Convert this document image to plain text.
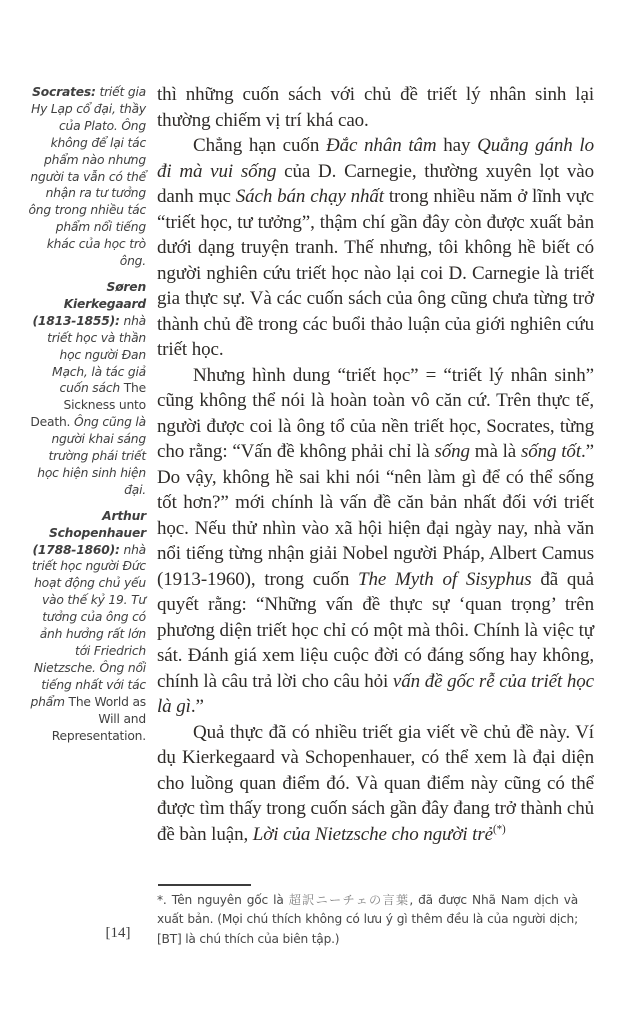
Socrates: triết gia Hy Lạp cổ đại, thầy của Plato. Ông không để lại tác phẩm nào nhưng người ta vẫn có thể nhận ra tư tưởng ông trong nhiều tác phẩm nổi tiếng khác của học trò ông.
Søren Kierkegaard (1813-1855): nhà triết học và thần học người Đan Mạch, là tác giả cuốn sách The Sickness unto Death. Ông cũng là người khai sáng trường phái triết học hiện sinh hiện đại.
Arthur Schopenhauer (1788-1860): nhà triết học người Đức hoạt động chủ yếu vào thế kỷ 19. Tư tưởng của ông có ảnh hưởng rất lớn tới Friedrich Nietzsche. Ông nổi tiếng nhất với tác phẩm The World as Will and Representation.

thì những cuốn sách với chủ đề triết lý nhân sinh lại thường chiếm vị trí khá cao.

Chẳng hạn cuốn Đắc nhân tâm hay Quẳng gánh lo đi mà vui sống của D. Carnegie, thường xuyên lọt vào danh mục Sách bán chạy nhất trong nhiều năm ở lĩnh vực “triết học, tư tưởng”, thậm chí gần đây còn được xuất bản dưới dạng truyện tranh. Thế nhưng, tôi không hề biết có người nghiên cứu triết học nào lại coi D. Carnegie là triết gia thực sự. Và các cuốn sách của ông cũng chưa từng trở thành chủ đề trong các buổi thảo luận của giới nghiên cứu triết học.

Nhưng hình dung “triết học” = “triết lý nhân sinh” cũng không thể nói là hoàn toàn vô căn cứ. Trên thực tế, người được coi là ông tổ của nền triết học, Socrates, từng cho rằng: “Vấn đề không phải chỉ là sống mà là sống tốt.” Do vậy, không hề sai khi nói “nên làm gì để có thể sống tốt hơn?” mới chính là vấn đề căn bản nhất đối với triết học. Nếu thử nhìn vào xã hội hiện đại ngày nay, nhà văn nổi tiếng từng nhận giải Nobel người Pháp, Albert Camus (1913-1960), trong cuốn The Myth of Sisyphus đã quả quyết rằng: “Những vấn đề thực sự ‘quan trọng’ trên phương diện triết học chỉ có một mà thôi. Chính là việc tự sát. Đánh giá xem liệu cuộc đời có đáng sống hay không, chính là câu trả lời cho câu hỏi vấn đề gốc rễ của triết học là gì.”

Quả thực đã có nhiều triết gia viết về chủ đề này. Ví dụ Kierkegaard và Schopenhauer, có thể xem là đại diện cho luồng quan điểm đó. Và quan điểm này cũng có thể được tìm thấy trong cuốn sách gần đây đang trở thành chủ đề bàn luận, Lời của Nietzsche cho người trẻ(*)

*. Tên nguyên gốc là 超訳ニーチェの言葉, đã được Nhã Nam dịch và xuất bản. (Mọi chú thích không có lưu ý gì thêm đều là của người dịch; [BT] là chú thích của biên tập.)

[14]
